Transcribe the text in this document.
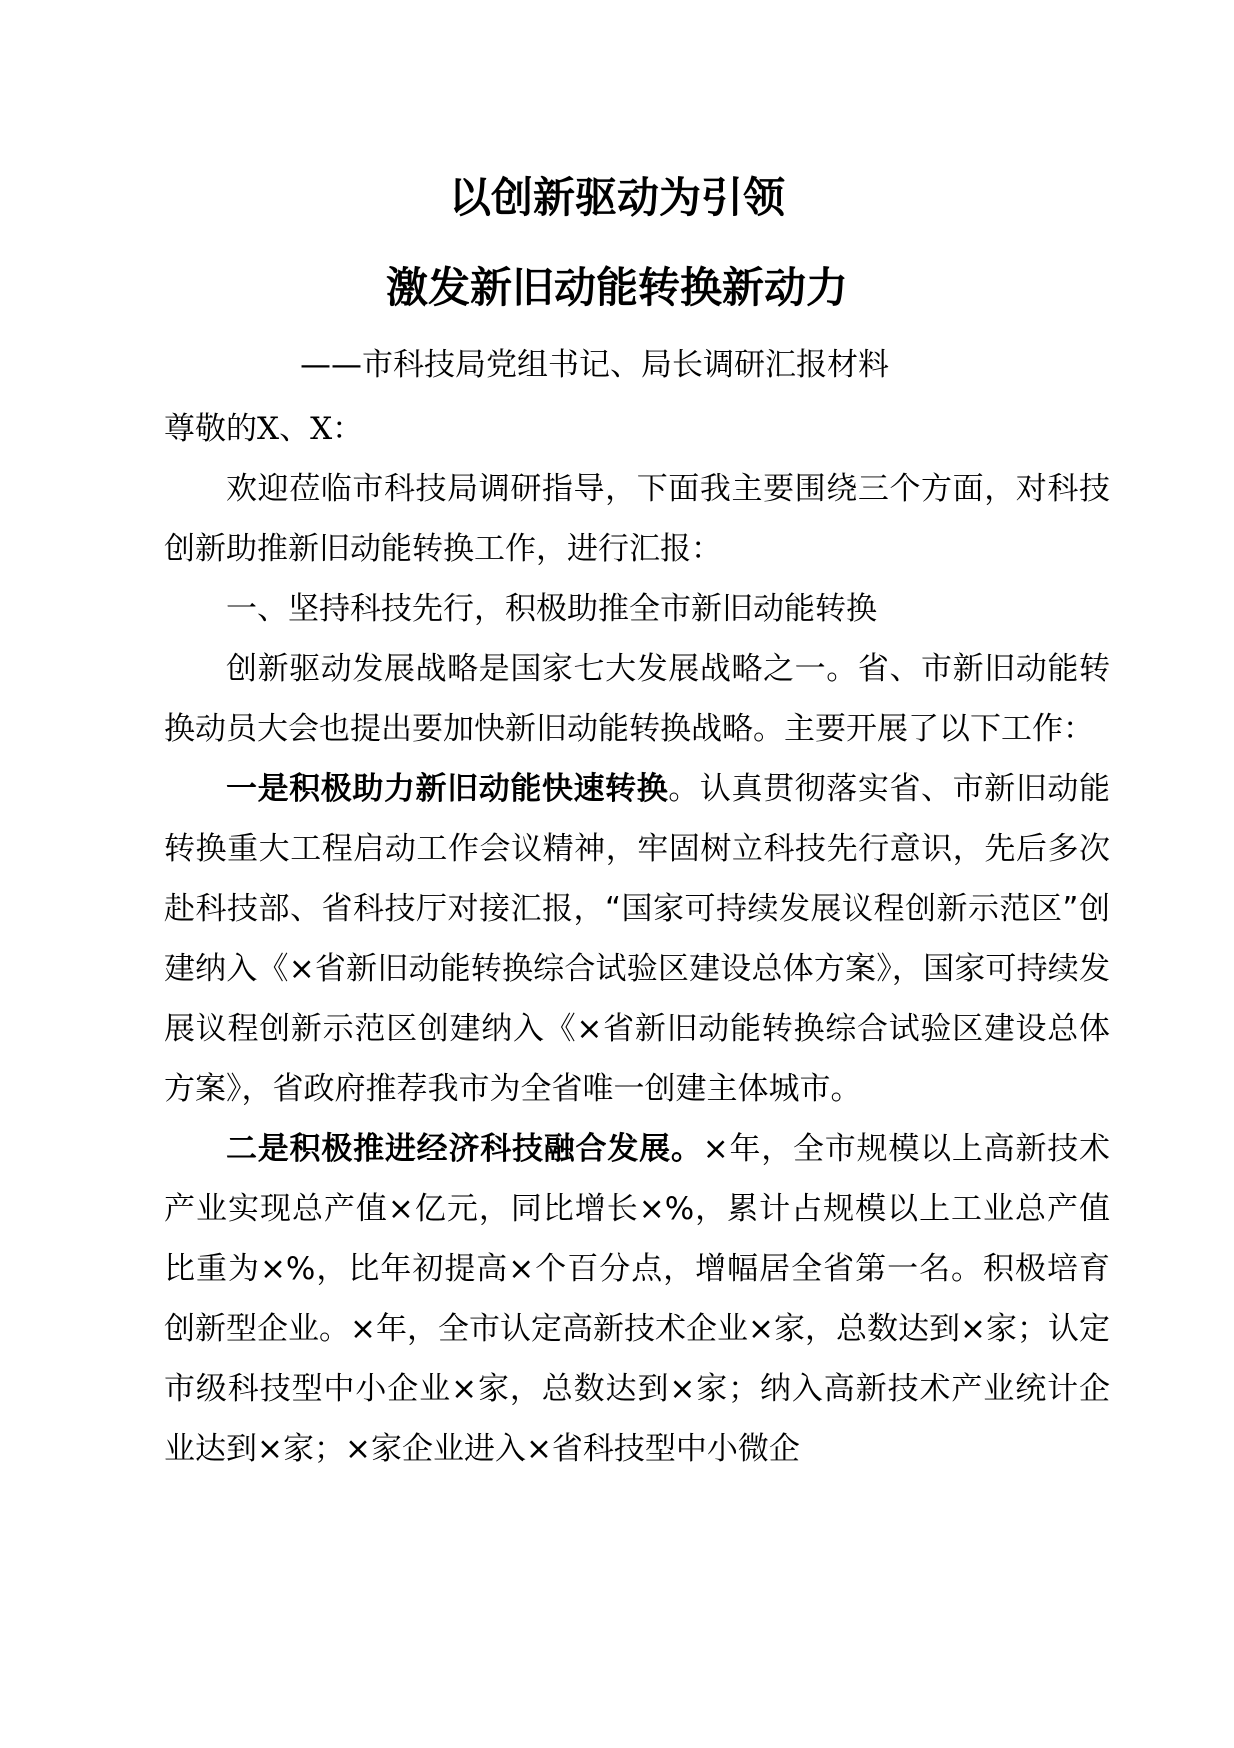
以创新驱动为引领
激发新旧动能转换新动力
——市科技局党组书记、局长调研汇报材料

尊敬的X、X：

欢迎莅临市科技局调研指导，下面我主要围绕三个方面，对科技创新助推新旧动能转换工作，进行汇报：

一、坚持科技先行，积极助推全市新旧动能转换

创新驱动发展战略是国家七大发展战略之一。省、市新旧动能转换动员大会也提出要加快新旧动能转换战略。主要开展了以下工作：

一是积极助力新旧动能快速转换。认真贯彻落实省、市新旧动能转换重大工程启动工作会议精神，牢固树立科技先行意识，先后多次赴科技部、省科技厅对接汇报，“国家可持续发展议程创新示范区”创建纳入《×省新旧动能转换综合试验区建设总体方案》，国家可持续发展议程创新示范区创建纳入《×省新旧动能转换综合试验区建设总体方案》，省政府推荐我市为全省唯一创建主体城市。

二是积极推进经济科技融合发展。×年，全市规模以上高新技术产业实现总产值×亿元，同比增长×%，累计占规模以上工业总产值比重为×%，比年初提高×个百分点，增幅居全省第一名。积极培育创新型企业。×年，全市认定高新技术企业×家，总数达到×家；认定市级科技型中小企业×家，总数达到×家；纳入高新技术产业统计企业达到×家；×家企业进入×省科技型中小微企
